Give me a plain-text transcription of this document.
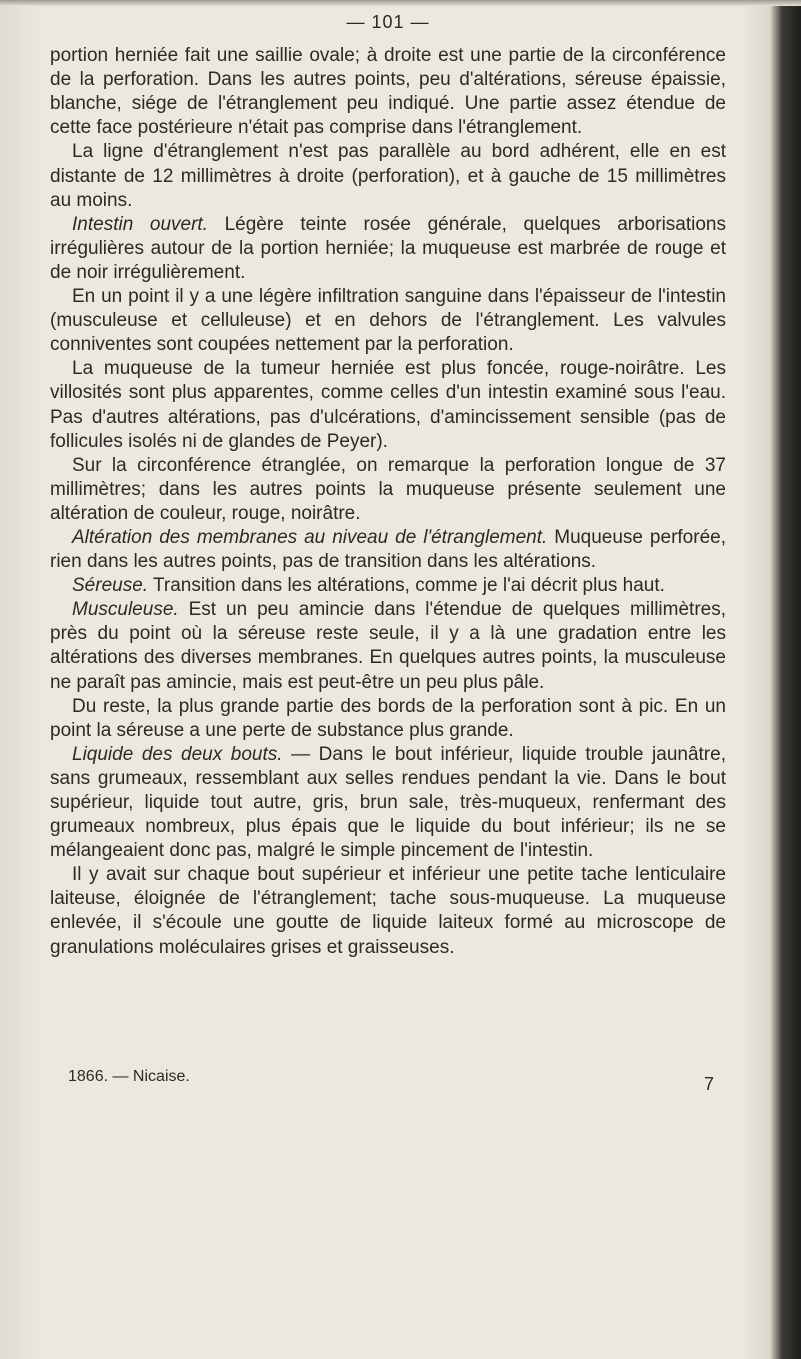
— 101 —

portion herniée fait une saillie ovale; à droite est une partie de la circonférence de la perforation. Dans les autres points, peu d'altérations, séreuse épaissie, blanche, siége de l'étranglement peu indiqué. Une partie assez étendue de cette face postérieure n'était pas comprise dans l'étranglement.

La ligne d'étranglement n'est pas parallèle au bord adhérent, elle en est distante de 12 millimètres à droite (perforation), et à gauche de 15 millimètres au moins.

Intestin ouvert. Légère teinte rosée générale, quelques arborisations irrégulières autour de la portion herniée; la muqueuse est marbrée de rouge et de noir irrégulièrement.

En un point il y a une légère infiltration sanguine dans l'épaisseur de l'intestin (musculeuse et celluleuse) et en dehors de l'étranglement. Les valvules conniventes sont coupées nettement par la perforation.

La muqueuse de la tumeur herniée est plus foncée, rouge-noirâtre. Les villosités sont plus apparentes, comme celles d'un intestin examiné sous l'eau. Pas d'autres altérations, pas d'ulcérations, d'amincissement sensible (pas de follicules isolés ni de glandes de Peyer).

Sur la circonférence étranglée, on remarque la perforation longue de 37 millimètres; dans les autres points la muqueuse présente seulement une altération de couleur, rouge, noirâtre.

Altération des membranes au niveau de l'étranglement. Muqueuse perforée, rien dans les autres points, pas de transition dans les altérations.

Séreuse. Transition dans les altérations, comme je l'ai décrit plus haut.

Musculeuse. Est un peu amincie dans l'étendue de quelques millimètres, près du point où la séreuse reste seule, il y a là une gradation entre les altérations des diverses membranes. En quelques autres points, la musculeuse ne paraît pas amincie, mais est peut-être un peu plus pâle.

Du reste, la plus grande partie des bords de la perforation sont à pic. En un point la séreuse a une perte de substance plus grande.

Liquide des deux bouts. — Dans le bout inférieur, liquide trouble jaunâtre, sans grumeaux, ressemblant aux selles rendues pendant la vie. Dans le bout supérieur, liquide tout autre, gris, brun sale, très-muqueux, renfermant des grumeaux nombreux, plus épais que le liquide du bout inférieur; ils ne se mélangeaient donc pas, malgré le simple pincement de l'intestin.

Il y avait sur chaque bout supérieur et inférieur une petite tache lenticulaire laiteuse, éloignée de l'étranglement; tache sous-muqueuse. La muqueuse enlevée, il s'écoule une goutte de liquide laiteux formé au microscope de granulations moléculaires grises et graisseuses.

1866. — Nicaise.	7
